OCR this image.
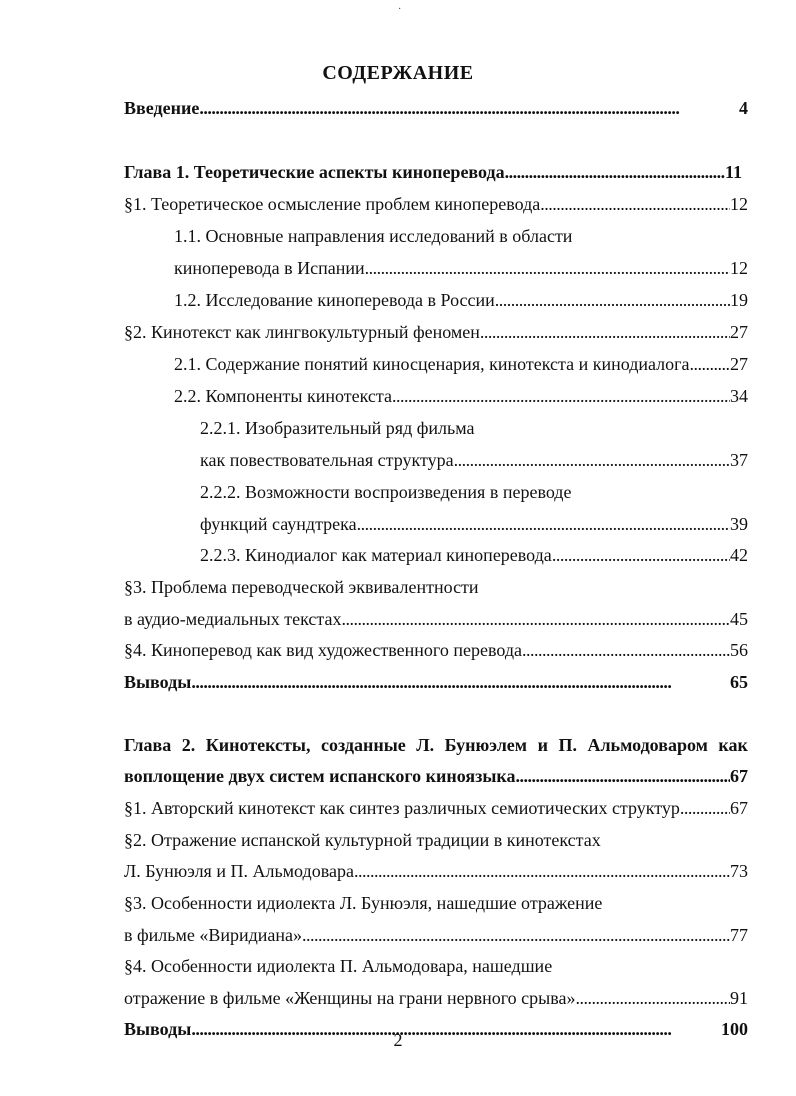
·
СОДЕРЖАНИЕ
Введение . . .	4
Глава 1. Теоретические аспекты киноперевода . . .	11
§1. Теоретическое осмысление проблем киноперевода . . .	12
1.1. Основные направления исследований в области
кинoперевода в Испании . . .	12
1.2. Исследование киноперевода в России . . .	19
§2. Кинотекст как лингвокультурный феномен . . .	27
2.1. Содержание понятий киносценария, кинотекста и кинодиалога . . . 27
2.2. Компоненты кинотекста . . .	34
2.2.1. Изобразительный ряд фильма
как повествовательная структура . . .	37
2.2.2. Возможности воспроизведения в переводе
функций саундтрека . . .	39
2.2.3. Кинодиалог как материал киноперевода . . .	42
§3. Проблема переводческой эквивалентности
в аудио-медиальных текстах . . .	45
§4. Киноперевод как вид художественного перевода . . .	56
Выводы . . .	65
Глава 2. Кинотексты, созданные Л. Бунюэлем и П. Альмодоваром как
воплощение двух систем испанского киноязыка . . .	67
§1. Авторский кинотекст как синтез различных семиотических структур . . .	67
§2. Отражение испанской культурной традиции в кинотекстах
Л. Бунюэля и П. Альмодовара . . .	73
§3. Особенности идиолекта Л. Бунюэля, нашедшие отражение
в фильме «Виридиана» . . .	77
§4. Особенности идиолекта П. Альмодовара, нашедшие
отражение в фильме «Женщины на грани нервного срыва» . . .	91
Выводы . . .	100
2
